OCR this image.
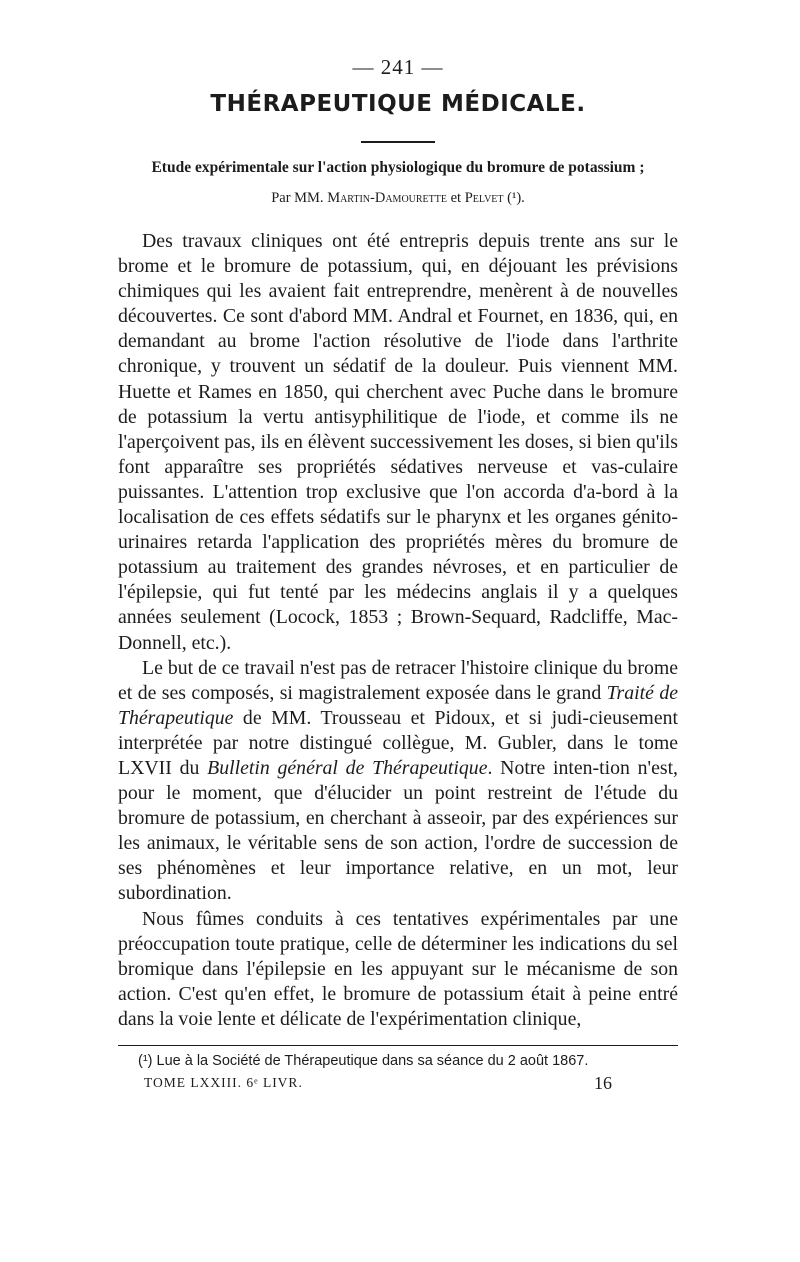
— 241 —
THÉRAPEUTIQUE MÉDICALE.
Etude expérimentale sur l'action physiologique du bromure de potassium ;
Par MM. Martin-Damourette et Pelvet (¹).

Des travaux cliniques ont été entrepris depuis trente ans sur le brome et le bromure de potassium, qui, en déjouant les prévisions chimiques qui les avaient fait entreprendre, menèrent à de nouvelles découvertes. Ce sont d'abord MM. Andral et Fournet, en 1836, qui, en demandant au brome l'action résolutive de l'iode dans l'arthrite chronique, y trouvent un sédatif de la douleur. Puis viennent MM. Huette et Rames en 1850, qui cherchent avec Puche dans le bromure de potassium la vertu antisyphilitique de l'iode, et comme ils ne l'aperçoivent pas, ils en élèvent successivement les doses, si bien qu'ils font apparaître ses propriétés sédatives nerveuse et vas-culaire puissantes. L'attention trop exclusive que l'on accorda d'a-bord à la localisation de ces effets sédatifs sur le pharynx et les organes génito-urinaires retarda l'application des propriétés mères du bromure de potassium au traitement des grandes névroses, et en particulier de l'épilepsie, qui fut tenté par les médecins anglais il y a quelques années seulement (Locock, 1853 ; Brown-Sequard, Radcliffe, Mac-Donnell, etc.).

Le but de ce travail n'est pas de retracer l'histoire clinique du brome et de ses composés, si magistralement exposée dans le grand Traité de Thérapeutique de MM. Trousseau et Pidoux, et si judi-cieusement interprétée par notre distingué collègue, M. Gubler, dans le tome LXVII du Bulletin général de Thérapeutique. Notre inten-tion n'est, pour le moment, que d'élucider un point restreint de l'étude du bromure de potassium, en cherchant à asseoir, par des expériences sur les animaux, le véritable sens de son action, l'ordre de succession de ses phénomènes et leur importance relative, en un mot, leur subordination.

Nous fûmes conduits à ces tentatives expérimentales par une préoccupation toute pratique, celle de déterminer les indications du sel bromique dans l'épilepsie en les appuyant sur le mécanisme de son action. C'est qu'en effet, le bromure de potassium était à peine entré dans la voie lente et délicate de l'expérimentation clinique,

(¹) Lue à la Société de Thérapeutique dans sa séance du 2 août 1867.
TOME LXXIII. 6ᵉ LIVR.	16
